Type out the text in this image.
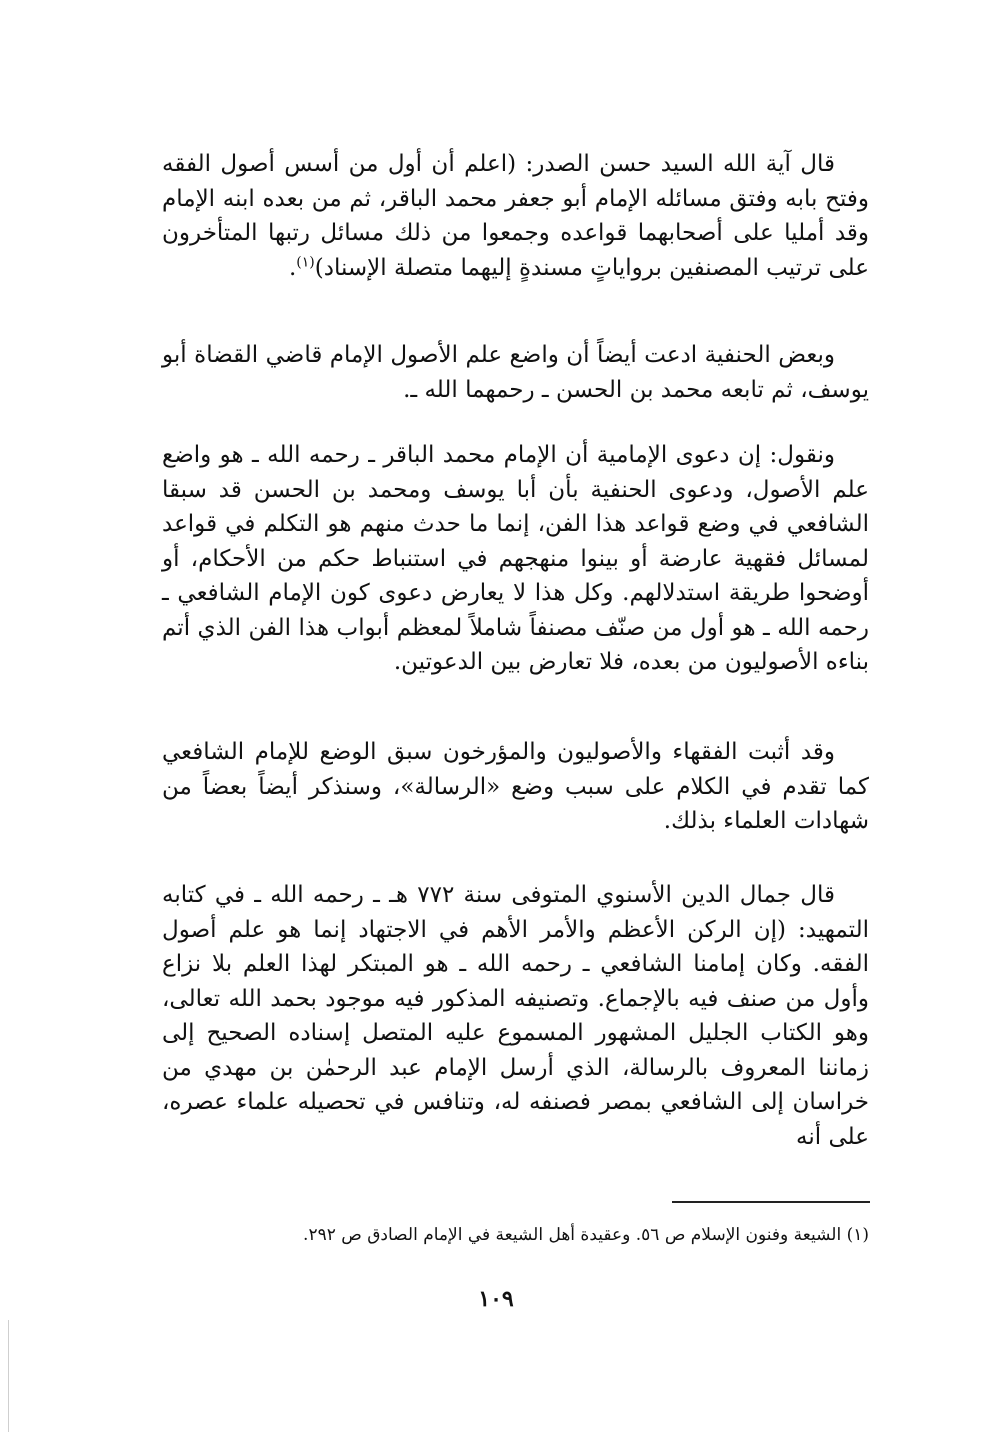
قال آية الله السيد حسن الصدر: (اعلم أن أول من أسس أصول الفقه وفتح بابه وفتق مسائله الإمام أبو جعفر محمد الباقر، ثم من بعده ابنه الإمام وقد أمليا على أصحابهما قواعده وجمعوا من ذلك مسائل رتبها المتأخرون على ترتيب المصنفين برواياتٍ مسندةٍ إليهما متصلة الإسناد)$^{(١)}$.

وبعض الحنفية ادعت أيضاً أن واضع علم الأصول الإمام قاضي القضاة أبو يوسف، ثم تابعه محمد بن الحسن ـ رحمهما الله ـ.

ونقول: إن دعوى الإمامية أن الإمام محمد الباقر ـ رحمه الله ـ هو واضع علم الأصول، ودعوى الحنفية بأن أبا يوسف ومحمد بن الحسن قد سبقا الشافعي في وضع قواعد هذا الفن، إنما ما حدث منهم هو التكلم في قواعد لمسائل فقهية عارضة أو بينوا منهجهم في استنباط حكم من الأحكام، أو أوضحوا طريقة استدلالهم. وكل هذا لا يعارض دعوى كون الإمام الشافعي ـ رحمه الله ـ هو أول من صنّف مصنفاً شاملاً لمعظم أبواب هذا الفن الذي أتم بناءه الأصوليون من بعده، فلا تعارض بين الدعوتين.

وقد أثبت الفقهاء والأصوليون والمؤرخون سبق الوضع للإمام الشافعي كما تقدم في الكلام على سبب وضع «الرسالة»، وسنذكر أيضاً بعضاً من شهادات العلماء بذلك.

قال جمال الدين الأسنوي المتوفى سنة ٧٧٢ هـ ـ رحمه الله ـ في كتابه التمهيد: (إن الركن الأعظم والأمر الأهم في الاجتهاد إنما هو علم أصول الفقه. وكان إمامنا الشافعي ـ رحمه الله ـ هو المبتكر لهذا العلم بلا نزاع وأول من صنف فيه بالإجماع. وتصنيفه المذكور فيه موجود بحمد الله تعالى، وهو الكتاب الجليل المشهور المسموع عليه المتصل إسناده الصحيح إلى زماننا المعروف بالرسالة، الذي أرسل الإمام عبد الرحمٰن بن مهدي من خراسان إلى الشافعي بمصر فصنفه له، وتنافس في تحصيله علماء عصره، على أنه

(١) الشيعة وفنون الإسلام ص ٥٦. وعقيدة أهل الشيعة في الإمام الصادق ص ٢٩٢.

١٠٩
